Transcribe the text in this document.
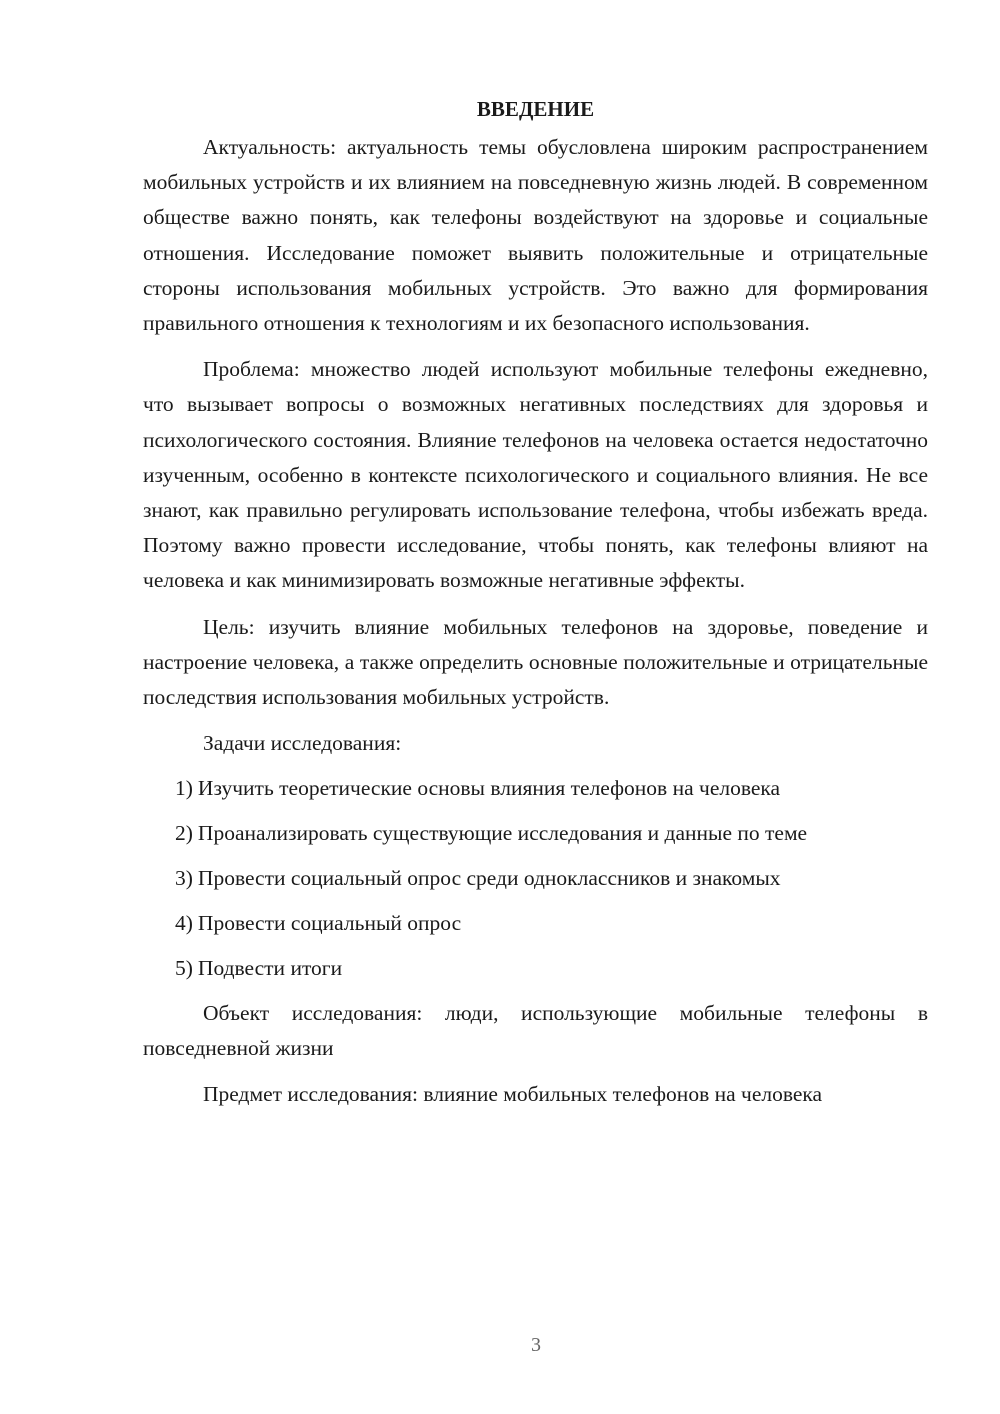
ВВЕДЕНИЕ

Актуальность: актуальность темы обусловлена широким распространением мобильных устройств и их влиянием на повседневную жизнь людей. В современном обществе важно понять, как телефоны воздействуют на здоровье и социальные отношения. Исследование поможет выявить положительные и отрицательные стороны использования мобильных устройств. Это важно для формирования правильного отношения к технологиям и их безопасного использования.

Проблема: множество людей используют мобильные телефоны ежедневно, что вызывает вопросы о возможных негативных последствиях для здоровья и психологического состояния. Влияние телефонов на человека остается недостаточно изученным, особенно в контексте психологического и социального влияния. Не все знают, как правильно регулировать использование телефона, чтобы избежать вреда. Поэтому важно провести исследование, чтобы понять, как телефоны влияют на человека и как минимизировать возможные негативные эффекты.

Цель: изучить влияние мобильных телефонов на здоровье, поведение и настроение человека, а также определить основные положительные и отрицательные последствия использования мобильных устройств.

Задачи исследования:
1) Изучить теоретические основы влияния телефонов на человека
2) Проанализировать существующие исследования и данные по теме
3) Провести социальный опрос среди одноклассников и знакомых
4) Провести социальный опрос
5) Подвести итоги

Объект исследования: люди, использующие мобильные телефоны в повседневной жизни

Предмет исследования: влияние мобильных телефонов на человека

3
